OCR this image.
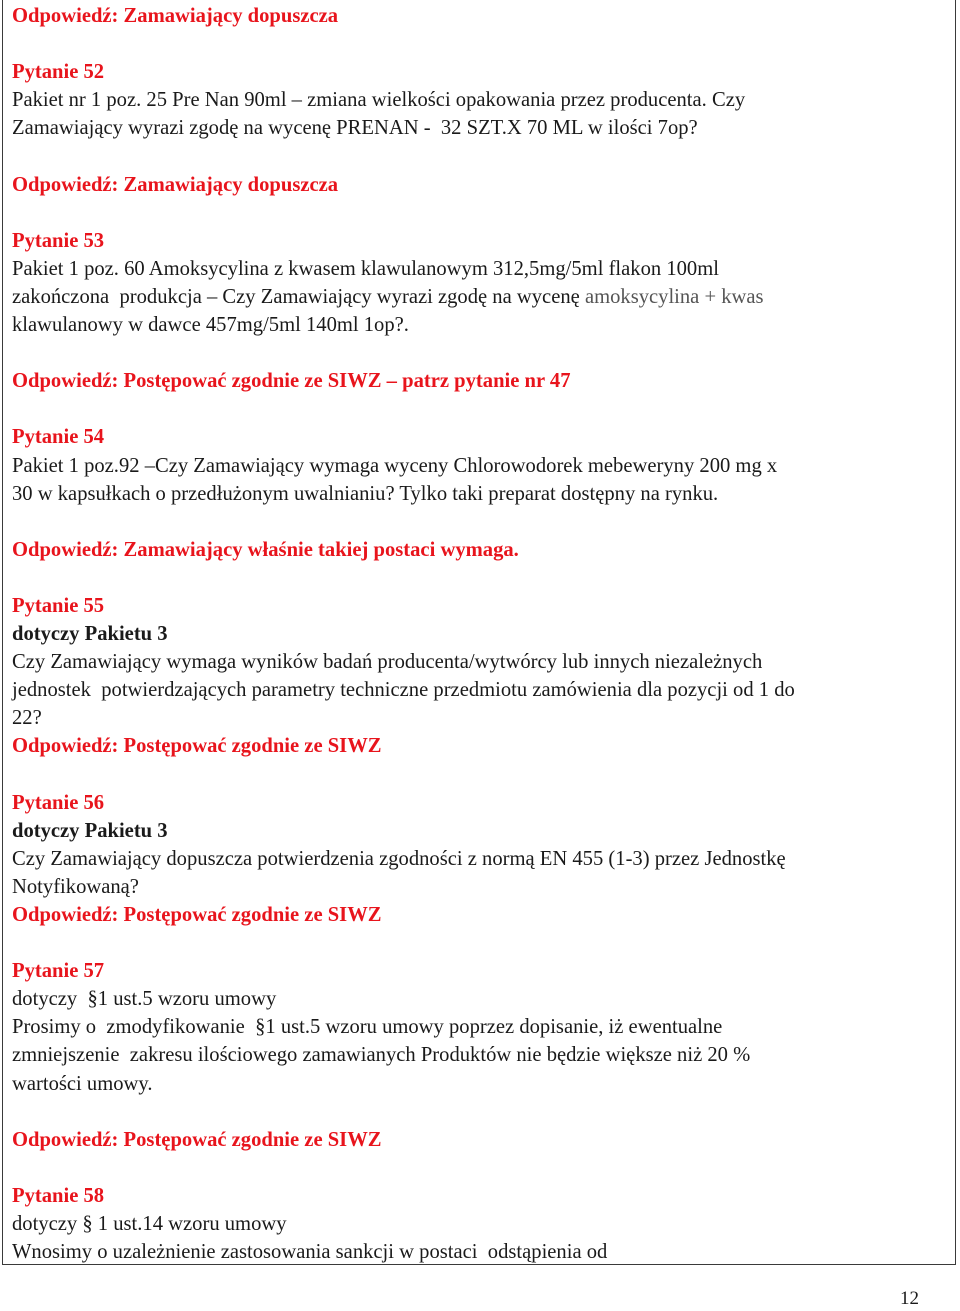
Odpowiedź: Zamawiający dopuszcza
Pytanie 52
Pakiet nr 1 poz. 25 Pre Nan 90ml – zmiana wielkości opakowania przez producenta. Czy
Zamawiający wyrazi zgodę na wycenę PRENAN -  32 SZT.X 70 ML w ilości 7op?
Odpowiedź: Zamawiający dopuszcza
Pytanie 53
Pakiet 1 poz. 60 Amoksycylina z kwasem klawulanowym 312,5mg/5ml flakon 100ml
zakończona  produkcja – Czy Zamawiający wyrazi zgodę na wycenę amoksycylina + kwas
klawulanowy w dawce 457mg/5ml 140ml 1op?.
Odpowiedź: Postępować zgodnie ze SIWZ – patrz pytanie nr 47
Pytanie 54
Pakiet 1 poz.92 –Czy Zamawiający wymaga wyceny Chlorowodorek mebeweryny 200 mg x
30 w kapsułkach o przedłużonym uwalnianiu? Tylko taki preparat dostępny na rynku.
Odpowiedź: Zamawiający właśnie takiej postaci wymaga.
Pytanie 55
dotyczy Pakietu 3
Czy Zamawiający wymaga wyników badań producenta/wytwórcy lub innych niezależnych
jednostek  potwierdzających parametry techniczne przedmiotu zamówienia dla pozycji od 1 do
22?
Odpowiedź: Postępować zgodnie ze SIWZ
Pytanie 56
dotyczy Pakietu 3
Czy Zamawiający dopuszcza potwierdzenia zgodności z normą EN 455 (1-3) przez Jednostkę
Notyfikowaną?
Odpowiedź: Postępować zgodnie ze SIWZ
Pytanie 57
dotyczy  §1 ust.5 wzoru umowy
Prosimy o  zmodyfikowanie  §1 ust.5 wzoru umowy poprzez dopisanie, iż ewentualne
zmniejszenie  zakresu ilościowego zamawianych Produktów nie będzie większe niż 20 %
wartości umowy.
Odpowiedź: Postępować zgodnie ze SIWZ
Pytanie 58
dotyczy § 1 ust.14 wzoru umowy
Wnosimy o uzależnienie zastosowania sankcji w postaci  odstąpienia od
12
